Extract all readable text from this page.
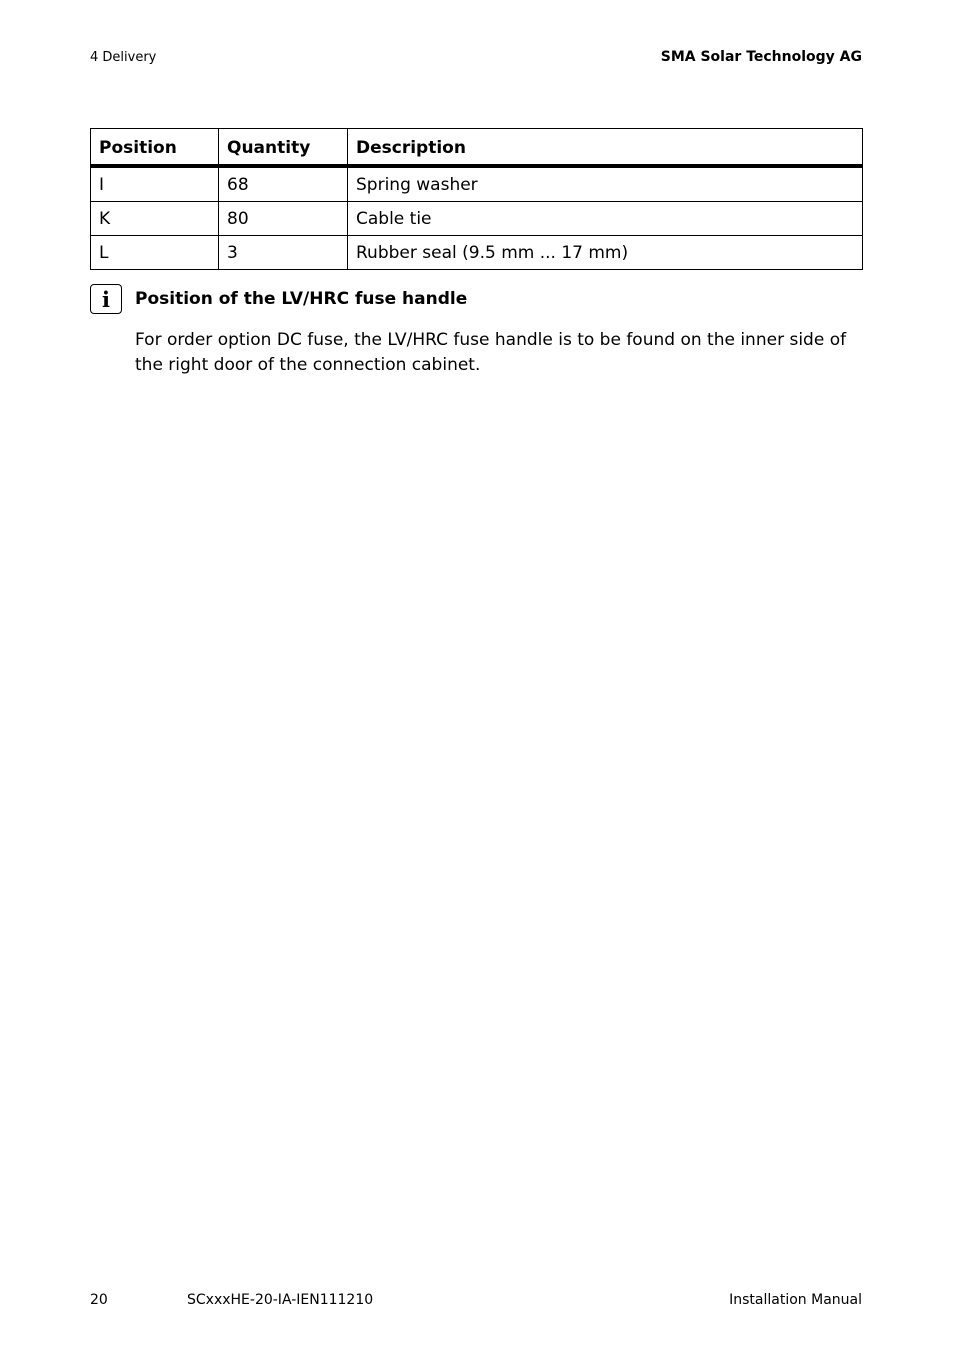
4 Delivery	SMA Solar Technology AG
Position	Quantity	Description
I	68	Spring washer
K	80	Cable tie
L	3	Rubber seal (9.5 mm ... 17 mm)
i	Position of the LV/HRC fuse handle
For order option DC fuse, the LV/HRC fuse handle is to be found on the inner side of the right door of the connection cabinet.
20	SCxxxHE-20-IA-IEN111210	Installation Manual
